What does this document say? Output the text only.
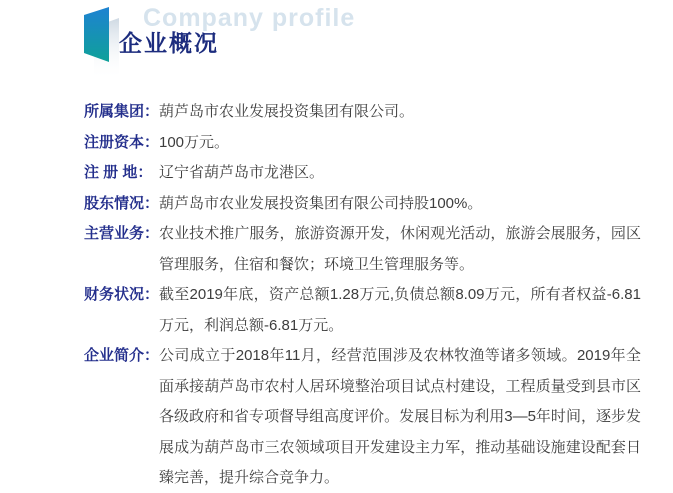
Company profile
企业概况
所属集团： 葫芦岛市农业发展投资集团有限公司。
注册资本： 100万元。
注 册 地： 辽宁省葫芦岛市龙港区。
股东情况： 葫芦岛市农业发展投资集团有限公司持股100%。
主营业务： 农业技术推广服务，旅游资源开发，休闲观光活动，旅游会展服务，园区管理服务，住宿和餐饮；环境卫生管理服务等。
财务状况： 截至2019年底，资产总额1.28万元,负债总额8.09万元，所有者权益-6.81万元，利润总额-6.81万元。
企业简介： 公司成立于2018年11月，经营范围涉及农林牧渔等诸多领域。2019年全面承接葫芦岛市农村人居环境整治项目试点村建设，工程质量受到县市区各级政府和省专项督导组高度评价。发展目标为利用3—5年时间，逐步发展成为葫芦岛市三农领域项目开发建设主力军，推动基础设施建设配套日臻完善，提升综合竞争力。
